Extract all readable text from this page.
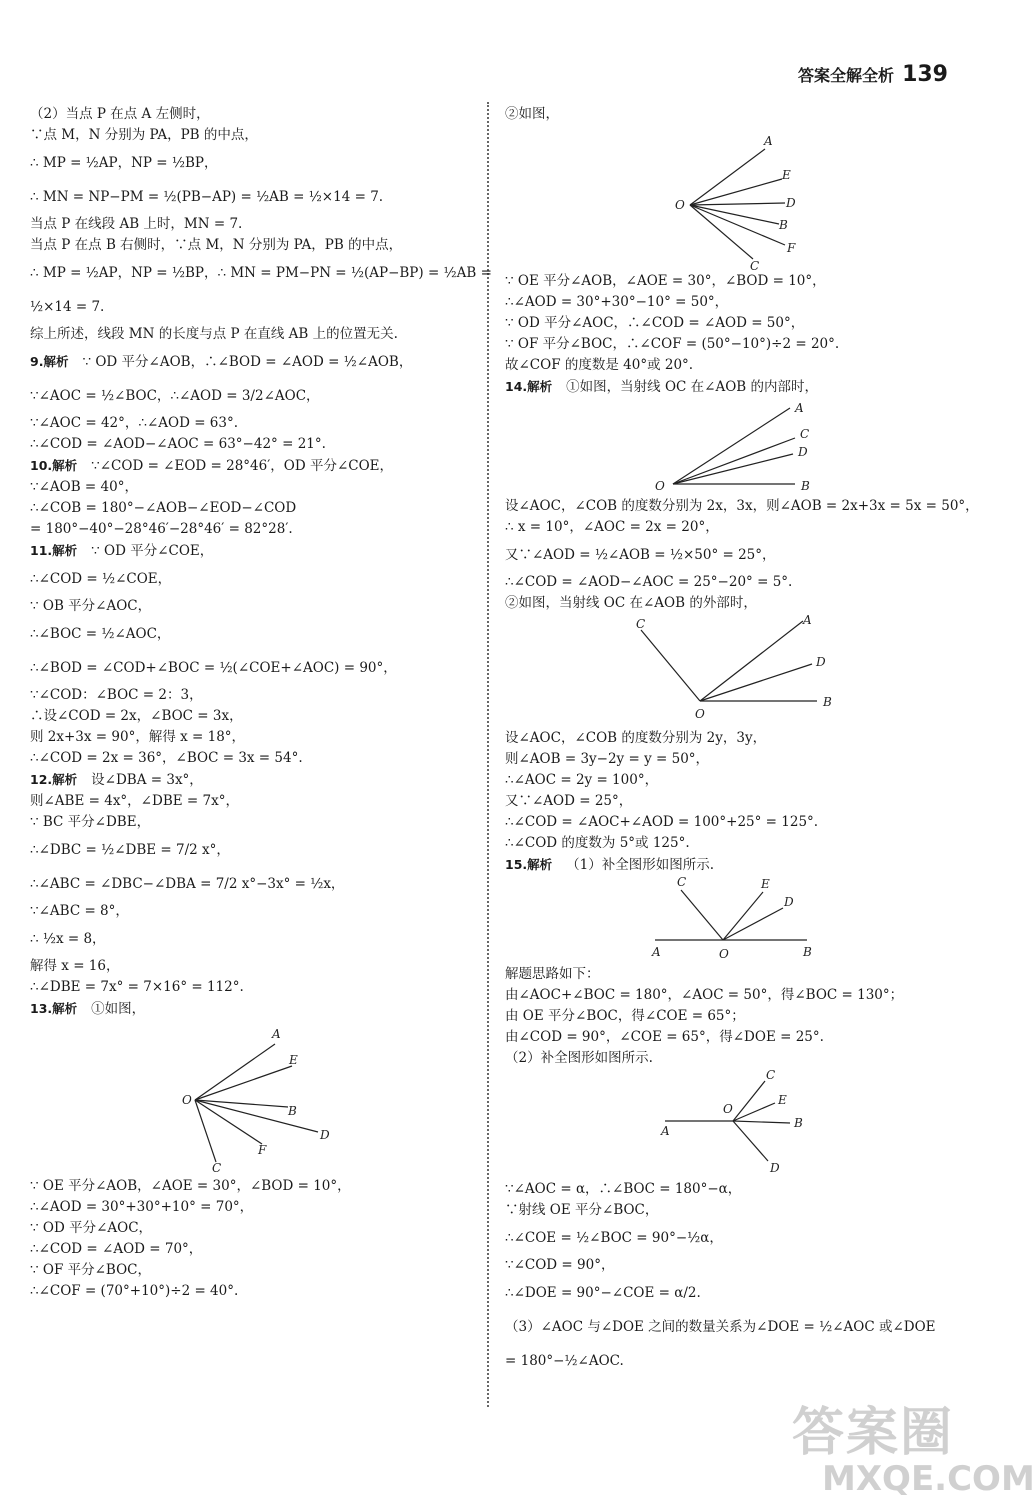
答案全解全析 139
（2）当点 P 在点 A 左侧时，
∵点 M，N 分别为 PA，PB 的中点，
∴ MP = ½AP，NP = ½BP，
∴ MN = NP−PM = ½(PB−AP) = ½AB = ½×14 = 7.
当点 P 在线段 AB 上时，MN = 7.
当点 P 在点 B 右侧时，∵点 M，N 分别为 PA，PB 的中点，
∴ MP = ½AP，NP = ½BP，∴ MN = PM−PN = ½(AP−BP) = ½AB =
½×14 = 7.
综上所述，线段 MN 的长度与点 P 在直线 AB 上的位置无关.
9.解析 ∵ OD 平分∠AOB，∴∠BOD = ∠AOD = ½∠AOB，
∵∠AOC = ½∠BOC，∴∠AOD = 3/2∠AOC，
∵∠AOC = 42°，∴∠AOD = 63°.
∴∠COD = ∠AOD−∠AOC = 63°−42° = 21°.
10.解析 ∵∠COD = ∠EOD = 28°46′，OD 平分∠COE，
∵∠AOB = 40°，
∴∠COB = 180°−∠AOB−∠EOD−∠COD
= 180°−40°−28°46′−28°46′ = 82°28′.
11.解析 ∵ OD 平分∠COE，
∴∠COD = ½∠COE，
∵ OB 平分∠AOC，
∴∠BOC = ½∠AOC，
∴∠BOD = ∠COD+∠BOC = ½(∠COE+∠AOC) = 90°，
∵∠COD：∠BOC = 2：3，
∴设∠COD = 2x，∠BOC = 3x，
则 2x+3x = 90°，解得 x = 18°，
∴∠COD = 2x = 36°，∠BOC = 3x = 54°.
12.解析 设∠DBA = 3x°，
则∠ABE = 4x°，∠DBE = 7x°，
∵ BC 平分∠DBE，
∴∠DBC = ½∠DBE = 7/2 x°，
∴∠ABC = ∠DBC−∠DBA = 7/2 x°−3x° = ½x，
∵∠ABC = 8°，
∴ ½x = 8，
解得 x = 16，
∴∠DBE = 7x° = 7×16° = 112°.
13.解析 ①如图，
O
A
E
B
D
F
C
∵ OE 平分∠AOB，∠AOE = 30°，∠BOD = 10°，
∴∠AOD = 30°+30°+10° = 70°，
∵ OD 平分∠AOC，
∴∠COD = ∠AOD = 70°，
∵ OF 平分∠BOC，
∴∠COF = (70°+10°)÷2 = 40°.
②如图，
O
A
E
D
B
F
C
∵ OE 平分∠AOB，∠AOE = 30°，∠BOD = 10°，
∴∠AOD = 30°+30°−10° = 50°，
∵ OD 平分∠AOC，∴∠COD = ∠AOD = 50°，
∵ OF 平分∠BOC，∴∠COF = (50°−10°)÷2 = 20°.
故∠COF 的度数是 40°或 20°.
14.解析 ①如图，当射线 OC 在∠AOB 的内部时，
O	B
A
C
D
设∠AOC，∠COB 的度数分别为 2x，3x，则∠AOB = 2x+3x = 5x = 50°，
∴ x = 10°，∠AOC = 2x = 20°，
又∵∠AOD = ½∠AOB = ½×50° = 25°，
∴∠COD = ∠AOD−∠AOC = 25°−20° = 5°.
②如图，当射线 OC 在∠AOB 的外部时，
O
B
A
D
C
设∠AOC，∠COB 的度数分别为 2y，3y，
则∠AOB = 3y−2y = y = 50°，
∴∠AOC = 2y = 100°，
又∵∠AOD = 25°，
∴∠COD = ∠AOC+∠AOD = 100°+25° = 125°.
∴∠COD 的度数为 5°或 125°.
15.解析 （1）补全图形如图所示.
A	O	B
C	E
D
解题思路如下：
由∠AOC+∠BOC = 180°，∠AOC = 50°，得∠BOC = 130°；
由 OE 平分∠BOC，得∠COE = 65°；
由∠COD = 90°，∠COE = 65°，得∠DOE = 25°.
（2）补全图形如图所示.
A
O
B
C
E
D
∵∠AOC = α，∴∠BOC = 180°−α，
∵射线 OE 平分∠BOC，
∴∠COE = ½∠BOC = 90°−½α，
∵∠COD = 90°，
∴∠DOE = 90°−∠COE = α/2.
（3）∠AOC 与∠DOE 之间的数量关系为∠DOE = ½∠AOC 或∠DOE
= 180°−½∠AOC.
答案圈
MXQE.COM
